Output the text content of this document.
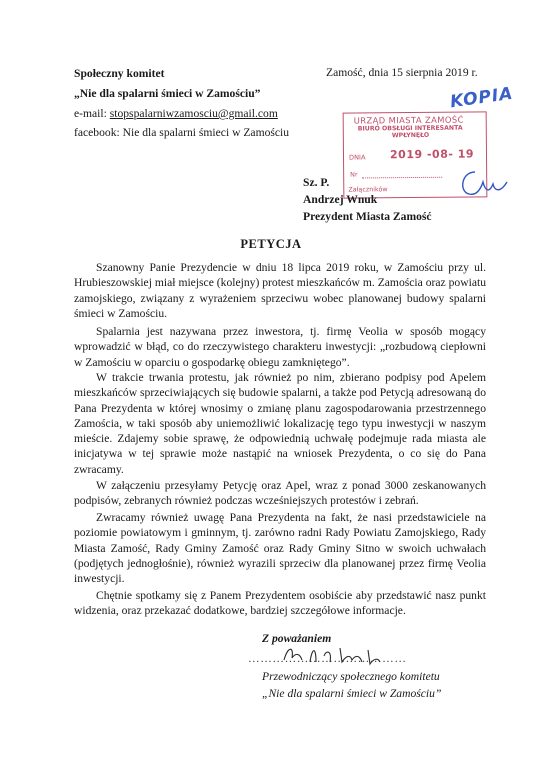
Społeczny komitet
„Nie dla spalarni śmieci w Zamościu”
e-mail: stopspalarniwzamosciu@gmail.com
facebook: Nie dla spalarni śmieci w Zamościu
Zamość, dnia 15 sierpnia 2019 r.
KOPIA
URZĄD MIASTA ZAMOŚĆ
BIURO OBSŁUGI INTERESANTA
WPŁYNĘŁO
DNIA 2019 -08- 19
Nr
Załączników
Sz. P.
Andrzej Wnuk
Prezydent Miasta Zamość
PETYCJA
Szanowny Panie Prezydencie w dniu 18 lipca 2019 roku, w Zamościu przy ul. Hrubieszowskiej miał miejsce (kolejny) protest mieszkańców m. Zamościa oraz powiatu zamojskiego, związany z wyrażeniem sprzeciwu wobec planowanej budowy spalarni śmieci w Zamościu.
Spalarnia jest nazywana przez inwestora, tj. firmę Veolia w sposób mogący wprowadzić w błąd, co do rzeczywistego charakteru inwestycji: „rozbudową ciepłowni w Zamościu w oparciu o gospodarkę obiegu zamkniętego”.
W trakcie trwania protestu, jak również po nim, zbierano podpisy pod Apelem mieszkańców sprzeciwiających się budowie spalarni, a także pod Petycją adresowaną do Pana Prezydenta w której wnosimy o zmianę planu zagospodarowania przestrzennego Zamościa, w taki sposób aby uniemożliwić lokalizację tego typu inwestycji w naszym mieście. Zdajemy sobie sprawę, że odpowiednią uchwałę podejmuje rada miasta ale inicjatywa w tej sprawie może nastąpić na wniosek Prezydenta, o co się do Pana zwracamy.
W załączeniu przesyłamy Petycję oraz Apel, wraz z ponad 3000 zeskanowanych podpisów, zebranych również podczas wcześniejszych protestów i zebrań.
Zwracamy również uwagę Pana Prezydenta na fakt, że nasi przedstawiciele na poziomie powiatowym i gminnym, tj. zarówno radni Rady Powiatu Zamojskiego, Rady Miasta Zamość, Rady Gminy Zamość oraz Rady Gminy Sitno w swoich uchwałach (podjętych jednogłośnie), również wyrazili sprzeciw dla planowanej przez firmę Veolia inwestycji.
Chętnie spotkamy się z Panem Prezydentem osobiście aby przedstawić nasz punkt widzenia, oraz przekazać dodatkowe, bardziej szczegółowe informacje.
Z poważaniem
…………………………………
Przewodniczący społecznego komitetu
„Nie dla spalarni śmieci w Zamościu”
